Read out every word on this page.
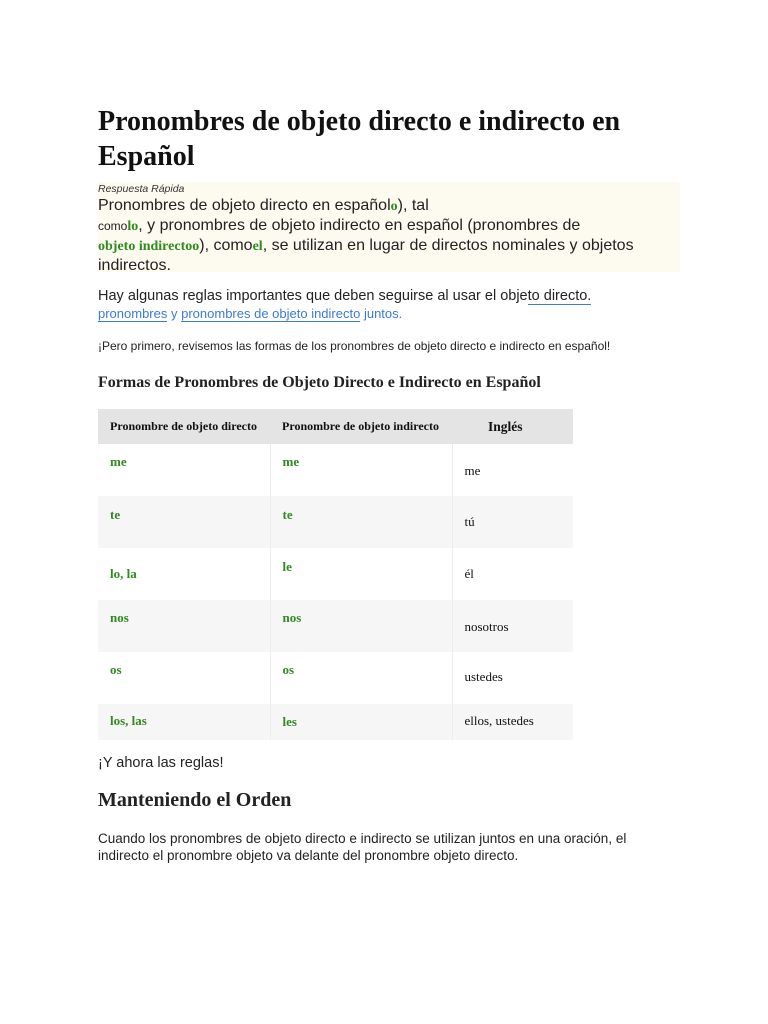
Pronombres de objeto directo e indirecto en Español
Respuesta Rápida
Pronombres de objeto directo en españolo), tal
comolo, y pronombres de objeto indirecto en español (pronombres de
objeto indirectoo), comoel, se utilizan en lugar de directos nominales y objetos indirectos.
Hay algunas reglas importantes que deben seguirse al usar el objeto directo.
pronombres y pronombres de objeto indirecto juntos.
¡Pero primero, revisemos las formas de los pronombres de objeto directo e indirecto en español!
Formas de Pronombres de Objeto Directo e Indirecto en Español
Pronombre de objeto directo	Pronombre de objeto indirecto	Inglés

me	me	me

te	te	tú

lo, la	le	él

nos	nos	nosotros

os	os	ustedes

los, las	les	ellos, ustedes
¡Y ahora las reglas!
Manteniendo el Orden
Cuando los pronombres de objeto directo e indirecto se utilizan juntos en una oración, el indirecto el pronombre objeto va delante del pronombre objeto directo.
